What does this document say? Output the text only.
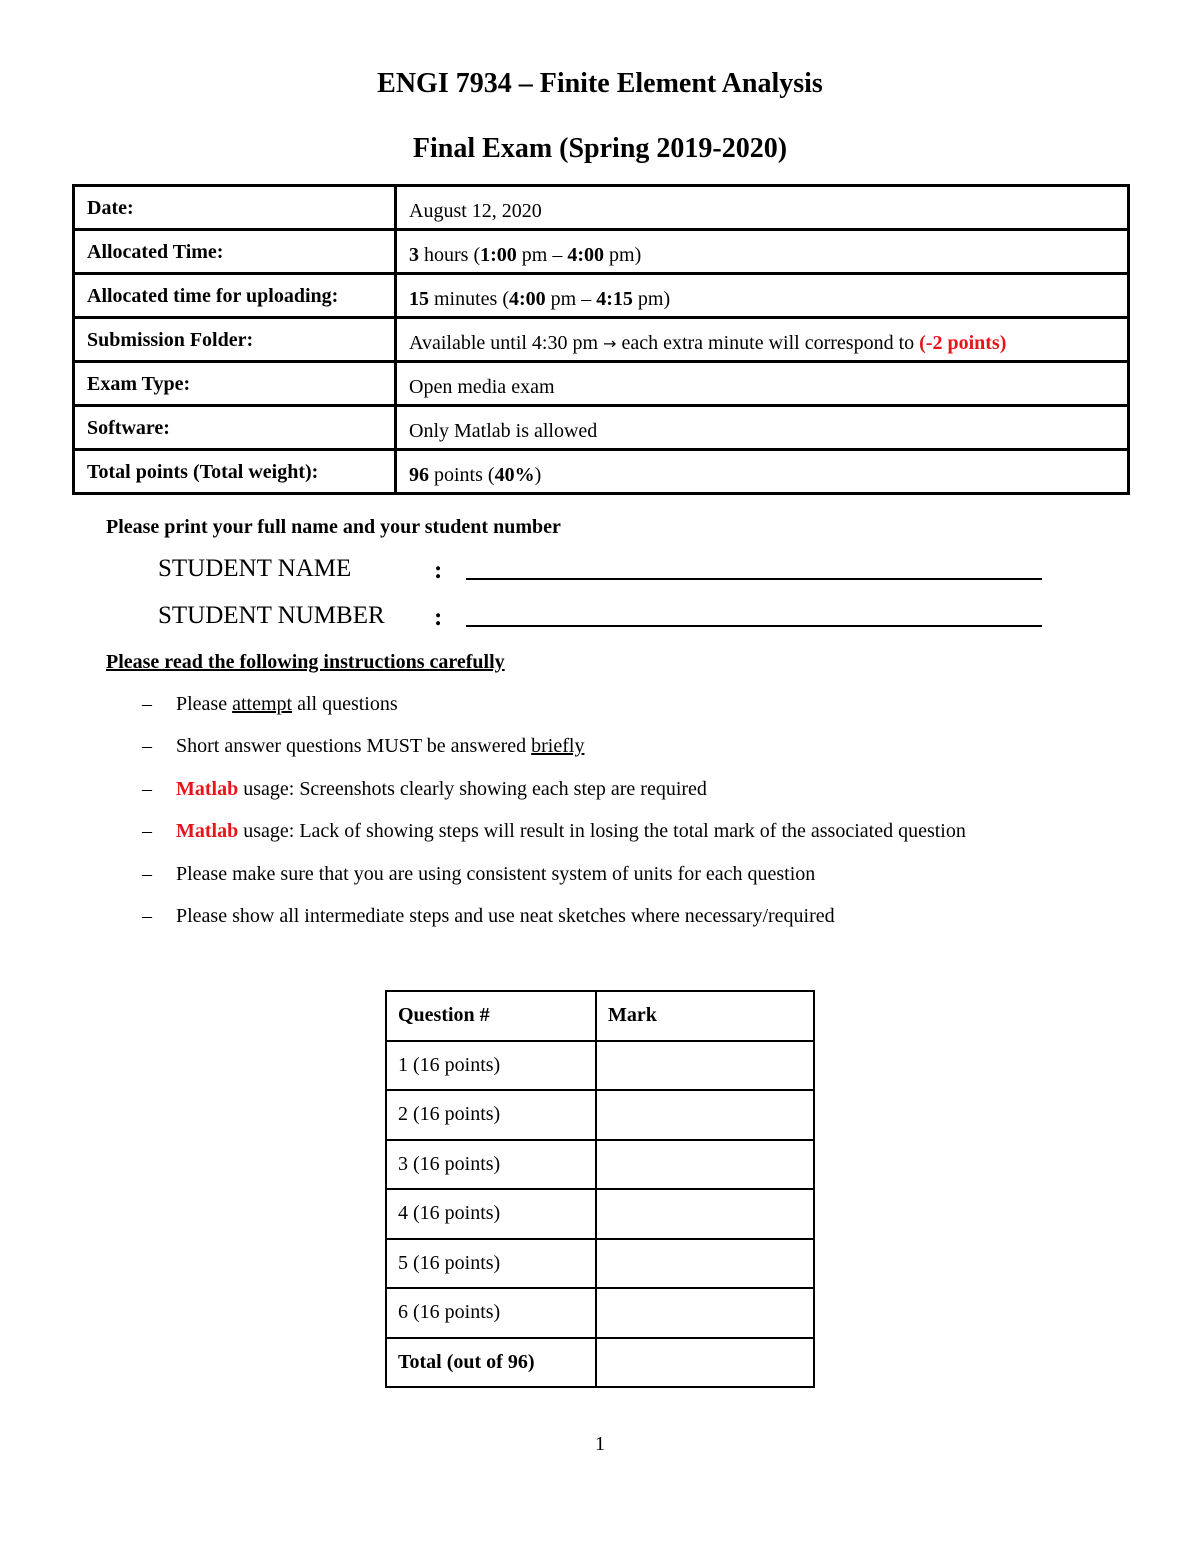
ENGI 7934 – Finite Element Analysis
Final Exam (Spring 2019-2020)
Date:	August 12, 2020
Allocated Time:	3 hours (1:00 pm – 4:00 pm)
Allocated time for uploading:	15 minutes (4:00 pm – 4:15 pm)
Submission Folder:	Available until 4:30 pm → each extra minute will correspond to (-2 points)
Exam Type:	Open media exam
Software:	Only Matlab is allowed
Total points (Total weight):	96 points (40%)
Please print your full name and your student number
STUDENT NAME	:
STUDENT NUMBER :
Please read the following instructions carefully
– Please attempt all questions
– Short answer questions MUST be answered briefly
– Matlab usage: Screenshots clearly showing each step are required
– Matlab usage: Lack of showing steps will result in losing the total mark of the associated question
– Please make sure that you are using consistent system of units for each question
– Please show all intermediate steps and use neat sketches where necessary/required
Question #	Mark
1 (16 points)	
2 (16 points)	
3 (16 points)	
4 (16 points)	
5 (16 points)	
6 (16 points)	
Total (out of 96)	
1
